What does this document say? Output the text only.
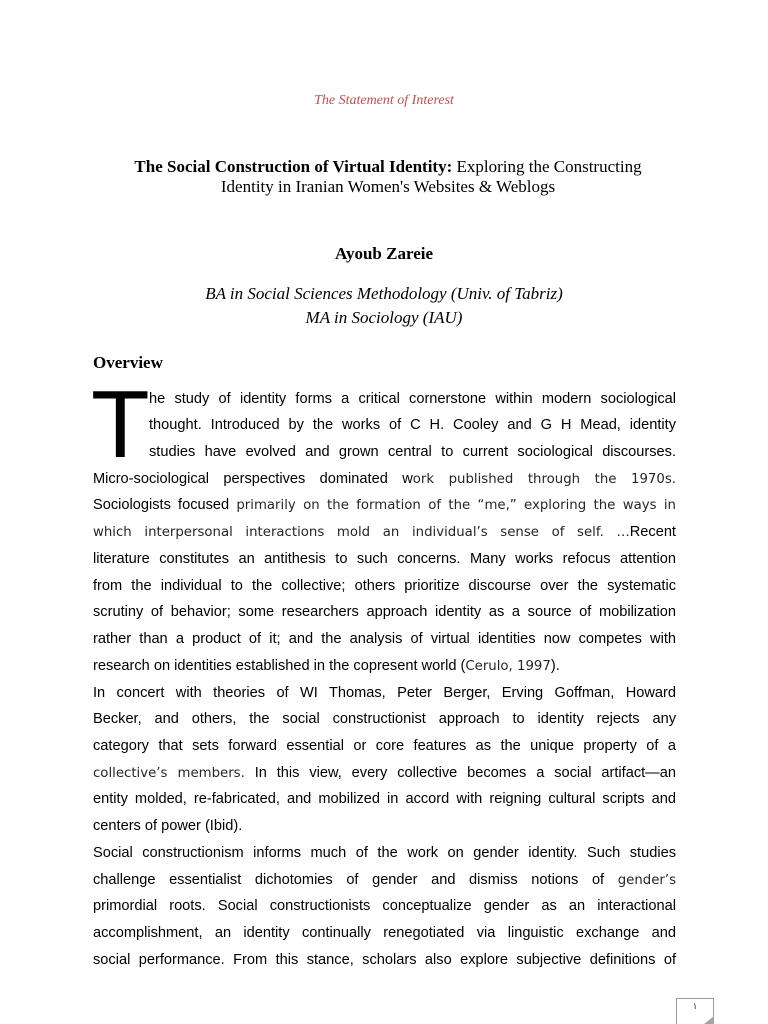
The Statement of Interest
The Social Construction of Virtual Identity: Exploring the Constructing
Identity in Iranian Women's Websites & Weblogs
Ayoub Zareie
BA in Social Sciences Methodology (Univ. of Tabriz)
MA in Sociology (IAU)
Overview
T he study of identity forms a critical cornerstone within modern sociological
thought. Introduced by the works of C H. Cooley and G H Mead, identity
studies have evolved and grown central to current sociological discourses.
Micro-sociological perspectives dominated work published through the 1970s.
Sociologists focused primarily on the formation of the “me,” exploring the ways in
which interpersonal interactions mold an individual’s sense of self. …Recent
literature constitutes an antithesis to such concerns. Many works refocus attention
from the individual to the collective; others prioritize discourse over the systematic
scrutiny of behavior; some researchers approach identity as a source of mobilization
rather than a product of it; and the analysis of virtual identities now competes with
research on identities established in the copresent world (Cerulo, 1997).
In concert with theories of WI Thomas, Peter Berger, Erving Goffman, Howard
Becker, and others, the social constructionist approach to identity rejects any
category that sets forward essential or core features as the unique property of a
collective’s members. In this view, every collective becomes a social artifact—an
entity molded, re-fabricated, and mobilized in accord with reigning cultural scripts and
centers of power (Ibid).
Social constructionism informs much of the work on gender identity. Such studies
challenge essentialist dichotomies of gender and dismiss notions of gender’s
primordial roots. Social constructionists conceptualize gender as an interactional
accomplishment, an identity continually renegotiated via linguistic exchange and
social performance. From this stance, scholars also explore subjective definitions of
١
